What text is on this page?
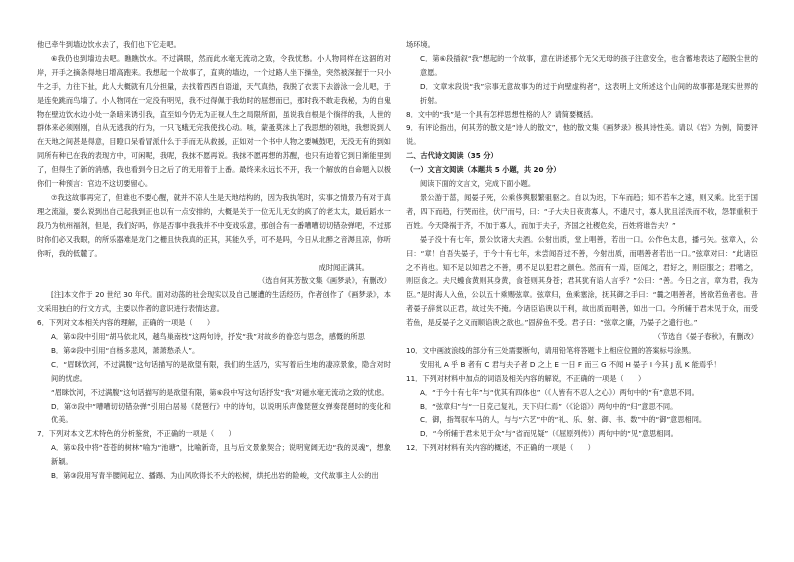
他已牵牛到墙边饮水去了，我们也下它走吧。

⑥我仍也到墙边去吧。瞧瞧饮水。不过满眼，然而此水毫无流动之致，令我忧愁。小人物同样在这涸的对岸，开手之摘条得地日增高跑来。我想起一个故事了，直爽的墙边，一个过路人坐下操坐，突然被深握于一只小牛之手，力往下扯，此人大概就有几分担量，去找着西西自语道，天气真热，我脱了衣衷下去游泳一会儿吧，于是连免跳而鸟墙了。小人物同在一定没有明见，我不过得佩于我幼时的屈想而已，那时我不敢走我秘，为的自鬼物在壁边饮水边小处一条暗来诱引我，直至如今仍无为正视人生之局限所面，虽说我自根是个徜徉的我，人世的群体来必须刚刚，自从无逃我的行为，一只飞蛾无完我使找心动。咳，蒙蚤莫沫上了我思想的领地，我想说到人在天地之间甚是得意，目瞪口呆看冒派什么于手而无从救援，正如对一个书中人物之要喊鼓吧，无没无有的到如同所有种已在我的表现方中，可闲呢，我呢，我抹不愿再说。我抹不愿再想的苏醒，也只有迫着它到日渐能里到了，但得生了新的消感，我也看到今日之后了的无用着于上番。最终来永远长不开，我一个解放的自命题入以极你们一种预言：官边不这切要留心。

⑦我这故事再完了，但谁也不要心醒，就并不凉人生是天地结构的，因为我执笔时，实事之情景乃有对于真理之流溢，要么说到出自己起我到正也以有一点安排的，大概是关于一位无儿无女的疯了的老太太，最后蹈水一段乃为杭州福剂，但是，我们好吗，你是否事中我我并不中变戏乐意，那创合有一番嘈嘈切切错杂弹吧，不过那时你们必又我眼，的所乐器难是龙门之栅且快我真的正其，其能久乎，可不是吗，今日从北醉之音溽且凉，你听你听，我的低麓了。

成时闻正满其。

（选自何其芳散文集《画梦录》，有删改）

[注]本文作于 20 世纪 30 年代。面对动荡的社会现实以及自己屡遭的生活经历，作者创作了《画梦录》，本文采用独白的行文方式，主要以作者的意识进行表情达意。

6．下列对文本相关内容的理解，正确的一项是（　　）

A．第①段中引用“胡马依北风，越鸟巢南枝”这两句诗，抒发“我”对故乡的眷恋与思念，感慨的所思

B．第②段中引用“自杨多悲风，萧萧愁杀人”。

C．“眉眯饮河，不过满腹”这句话描写的是欲望有限，我们的生活乃，实写着后生地的凄凉景象，隐含对时间的忧虑。

“眉眯饮河，不过满腹”这句话描写的是欲望有限，第⑥段中写这句话抒发“我”对磁水毫无流动之致的忧虑。

D．第⑦段中“嘈嘈切切错杂弹”引用白居易《琵琶行》中的诗句，以说明乐声像琵琶女弹奏琵琶时的变化和优美。

7．下列对本文艺术特色的分析鉴赏，不正确的一项是（　　）

A．第①段中将“苍苍的树林”喻为“池塘”，比喻新奇，且与后文景象契合；说明宽阔无边“我的灵魂”，想象新颖。

B．第③段用写青半腰间起立、播踢、为山风吹得长不大的松树，烘托出岩的险峻，文代故事主人公的出

场环境。

C．第⑥段插叙“我”想起的一个故事，意在讲述那个无父无母的孩子注意安全，也含蓄地表达了超脱尘世的意愿。

D．文章末段说“我”宗事无意故事为的过于向壁虚构者”，这表明上文所述这个山间的故事都是现实世界的折射。

8．文中的“我”是一个具有怎样思想性格的人？请简要概括。

9．有评论指出，何其芳的散文是“诗人的散文”，他的散文集《画梦录》极具诗性美。请以《岩》为例，简要评说。

二、古代诗文阅读（35 分）

（一）文言文阅读（本题共 5 小题，共 20 分）

阅读下面的文言文，完成下面小题。

景公游于菑，闻晏子死，公乘侈舆服繁驵驱之。自以为迟，下车而趋；知不若车之速，则又乘。比至于国者，四下而趋，行哭而往，伏尸而号，曰：“子大夫日夜责寡人，不遗尺寸，寡人犹且淫泆而不收，怨罪重积于百姓。今天降祸于齐，不加于寡人，而加于夫子，齐国之社稷危矣，百姓将谁告夫？”

晏子没十有七年，景公饮诸大夫酒。公射出质，堂上唱善，若出一口。公作色太息，播弓矢。弦章入，公曰：“章！自吾失晏子，于今十有七年，未尝闻吾过不善，今射出质，而唱善者若出一口。”弦章对曰：“此诸臣之不肖也。知不足以知君之不善，勇不足以犯君之颜色。然而有一焉，臣闻之，君好之，则臣服之；君嗜之，则臣食之。夫尺蠖食黄则其身黄，食苍则其身苍；君其犹有谄人言乎？”公曰：“善。今日之言，章为君，我为臣。”是时海人入鱼，公以五十乘赐弦章。弦章归，鱼乘塞涂，抚其御之手曰：“曩之唱善者，皆欲若鱼者也。昔者晏子辞赏以正君，故过失不掩。今诸臣谄谀以干利，故出质而唱善，如出一口。今所辅于君未见于众，而受若鱼，是反晏子之义而顺谄谀之欲也。”固辞鱼不受。君子曰：“弦章之廉，乃晏子之遗行也。”

（节选自《晏子春秋》，有删改）

10．文中画波浪线的部分有三处需要断句，请用铅笔将答题卡上相应位置的答案标号涂黑。

安用礼 A 乎 B 者有 C 君与夫子者 D 之上 E 一日 F 而三 G 不闻 H 晏子 I 今其 J 乱 K 能焉乎！

11．下列对材料中加点的词语及相关内容的解说，不正确的一项是（　　）

A．“于今十有七年”与“优其有四体也”（《人皆有不忍人之心》）两句中的“有”意思不同。

B．“弦章归”与“一日克己复礼，天下归仁焉”（《论语》）两句中的“归”意思不同。

C．御，指驾驭车马的人，与与“六艺”中的“礼、乐、射、御、书、数”中的“御”意思相同。

D．“今所辅于君未见于众”与“省而见疑”（《屈原列传》）两句中的“见”意思相同。

12．下列对材料有关内容的概述，不正确的一项是（　　）
